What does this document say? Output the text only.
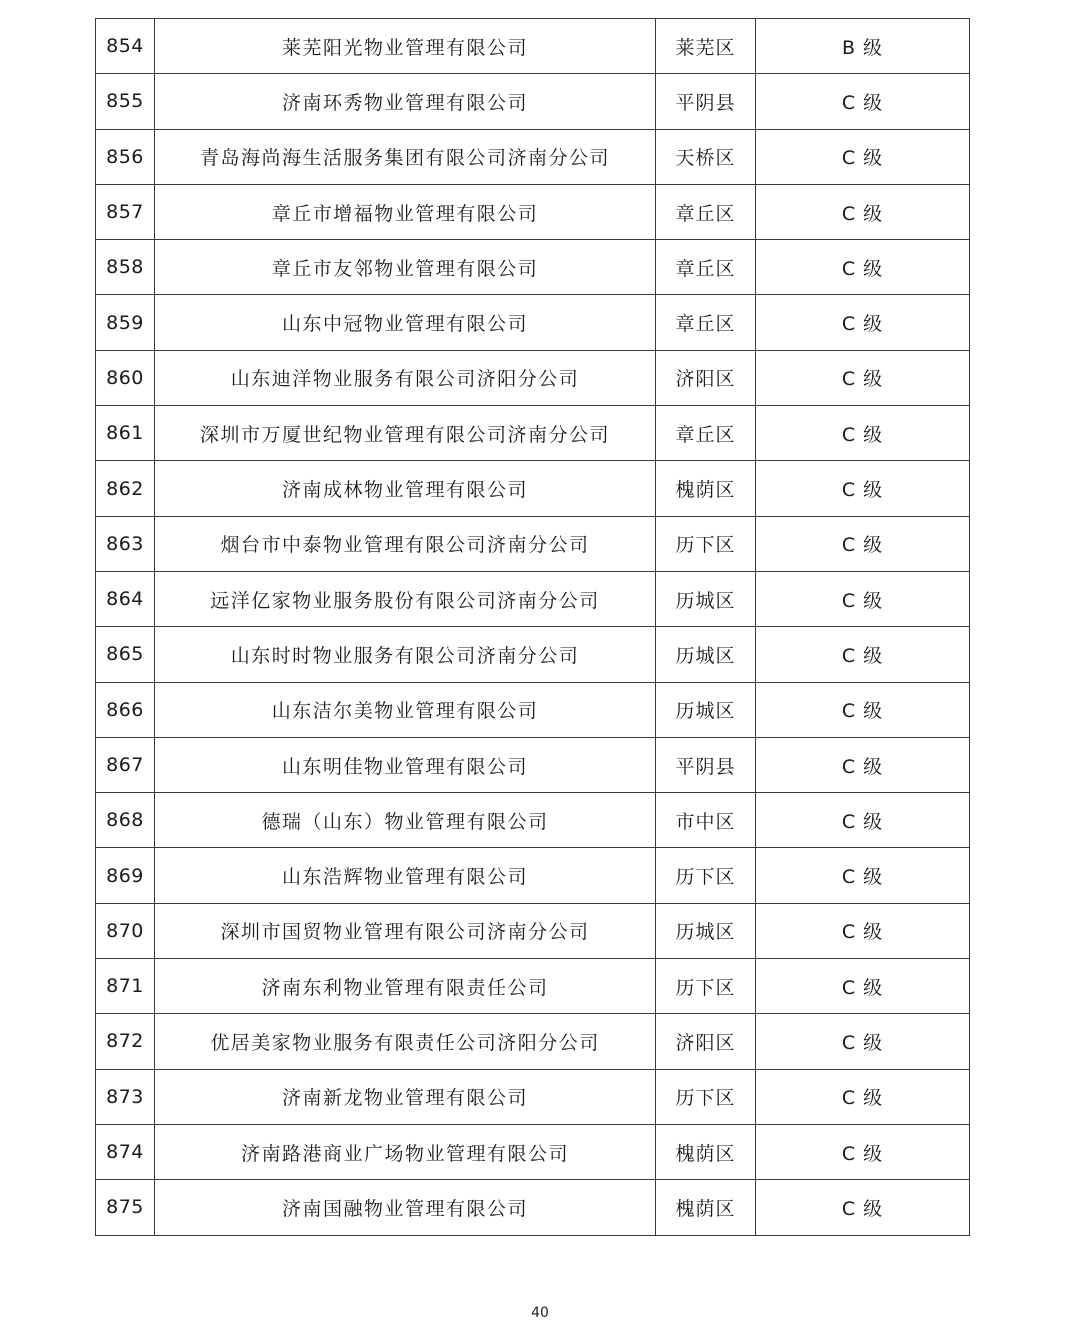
854	莱芜阳光物业管理有限公司	莱芜区	B 级
855	济南环秀物业管理有限公司	平阴县	C 级
856	青岛海尚海生活服务集团有限公司济南分公司	天桥区	C 级
857	章丘市增福物业管理有限公司	章丘区	C 级
858	章丘市友邻物业管理有限公司	章丘区	C 级
859	山东中冠物业管理有限公司	章丘区	C 级
860	山东迪洋物业服务有限公司济阳分公司	济阳区	C 级
861	深圳市万厦世纪物业管理有限公司济南分公司	章丘区	C 级
862	济南成林物业管理有限公司	槐荫区	C 级
863	烟台市中泰物业管理有限公司济南分公司	历下区	C 级
864	远洋亿家物业服务股份有限公司济南分公司	历城区	C 级
865	山东时时物业服务有限公司济南分公司	历城区	C 级
866	山东洁尔美物业管理有限公司	历城区	C 级
867	山东明佳物业管理有限公司	平阴县	C 级
868	德瑞（山东）物业管理有限公司	市中区	C 级
869	山东浩辉物业管理有限公司	历下区	C 级
870	深圳市国贸物业管理有限公司济南分公司	历城区	C 级
871	济南东利物业管理有限责任公司	历下区	C 级
872	优居美家物业服务有限责任公司济阳分公司	济阳区	C 级
873	济南新龙物业管理有限公司	历下区	C 级
874	济南路港商业广场物业管理有限公司	槐荫区	C 级
875	济南国融物业管理有限公司	槐荫区	C 级
40
